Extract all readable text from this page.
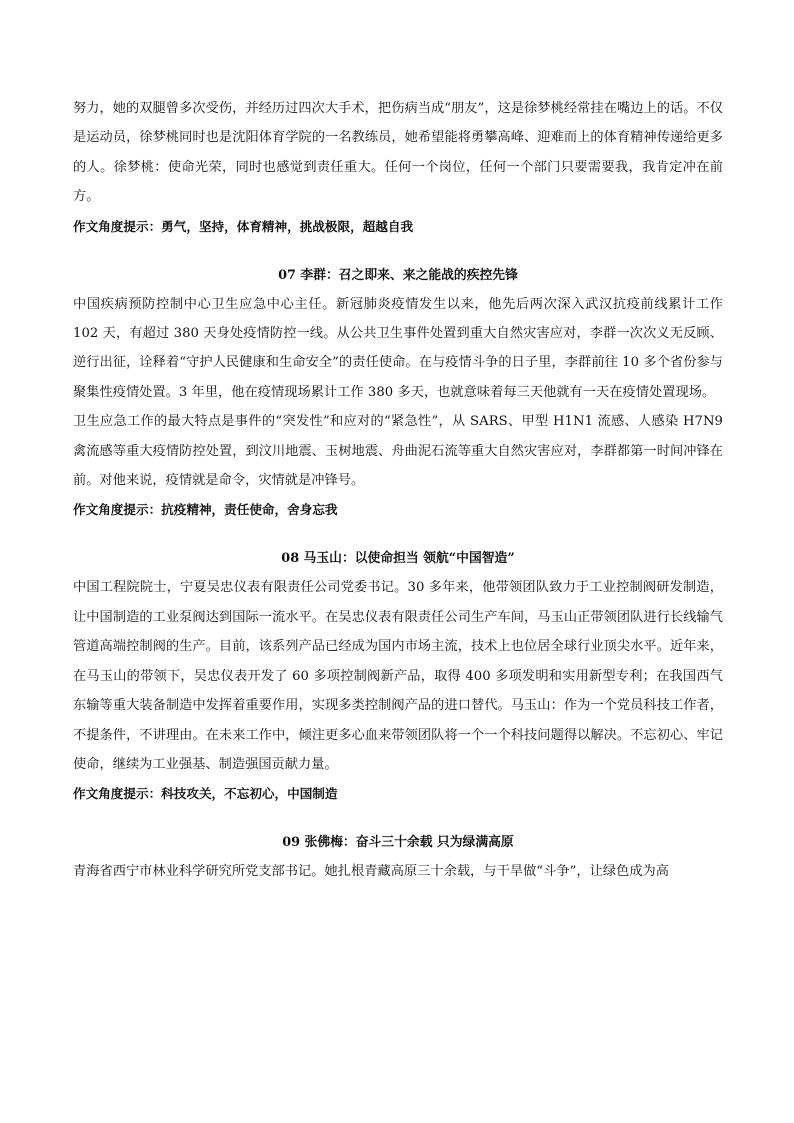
努力，她的双腿曾多次受伤，并经历过四次大手术，把伤病当成“朋友”，这是徐梦桃经常挂在嘴边上的话。不仅是运动员，徐梦桃同时也是沈阳体育学院的一名教练员，她希望能将勇攀高峰、迎难而上的体育精神传递给更多的人。徐梦桃：使命光荣，同时也感觉到责任重大。任何一个岗位，任何一个部门只要需要我，我肯定冲在前方。

作文角度提示：勇气，坚持，体育精神，挑战极限，超越自我

07 李群：召之即来、来之能战的疾控先锋

中国疾病预防控制中心卫生应急中心主任。新冠肺炎疫情发生以来，他先后两次深入武汉抗疫前线累计工作 102 天，有超过 380 天身处疫情防控一线。从公共卫生事件处置到重大自然灾害应对，李群一次次义无反顾、逆行出征，诠释着“守护人民健康和生命安全”的责任使命。在与疫情斗争的日子里，李群前往 10 多个省份参与聚集性疫情处置。3 年里，他在疫情现场累计工作 380 多天，也就意味着每三天他就有一天在疫情处置现场。

卫生应急工作的最大特点是事件的“突发性”和应对的“紧急性”，从 SARS、甲型 H1N1 流感、人感染 H7N9 禽流感等重大疫情防控处置，到汶川地震、玉树地震、舟曲泥石流等重大自然灾害应对，李群都第一时间冲锋在前。对他来说，疫情就是命令，灾情就是冲锋号。

作文角度提示：抗疫精神，责任使命，舍身忘我

08 马玉山：以使命担当 领航“中国智造”

中国工程院院士，宁夏吴忠仪表有限责任公司党委书记。30 多年来，他带领团队致力于工业控制阀研发制造，让中国制造的工业泵阀达到国际一流水平。在吴忠仪表有限责任公司生产车间，马玉山正带领团队进行长线输气管道高端控制阀的生产。目前，该系列产品已经成为国内市场主流，技术上也位居全球行业顶尖水平。近年来，在马玉山的带领下，吴忠仪表开发了 60 多项控制阀新产品，取得 400 多项发明和实用新型专利；在我国西气东输等重大装备制造中发挥着重要作用，实现多类控制阀产品的进口替代。马玉山：作为一个党员科技工作者，不提条件，不讲理由。在未来工作中，倾注更多心血来带领团队将一个一个科技问题得以解决。不忘初心、牢记使命，继续为工业强基、制造强国贡献力量。

作文角度提示：科技攻关，不忘初心，中国制造

09 张佛梅：奋斗三十余载 只为绿满高原

青海省西宁市林业科学研究所党支部书记。她扎根青藏高原三十余载，与干旱做“斗争”，让绿色成为高
